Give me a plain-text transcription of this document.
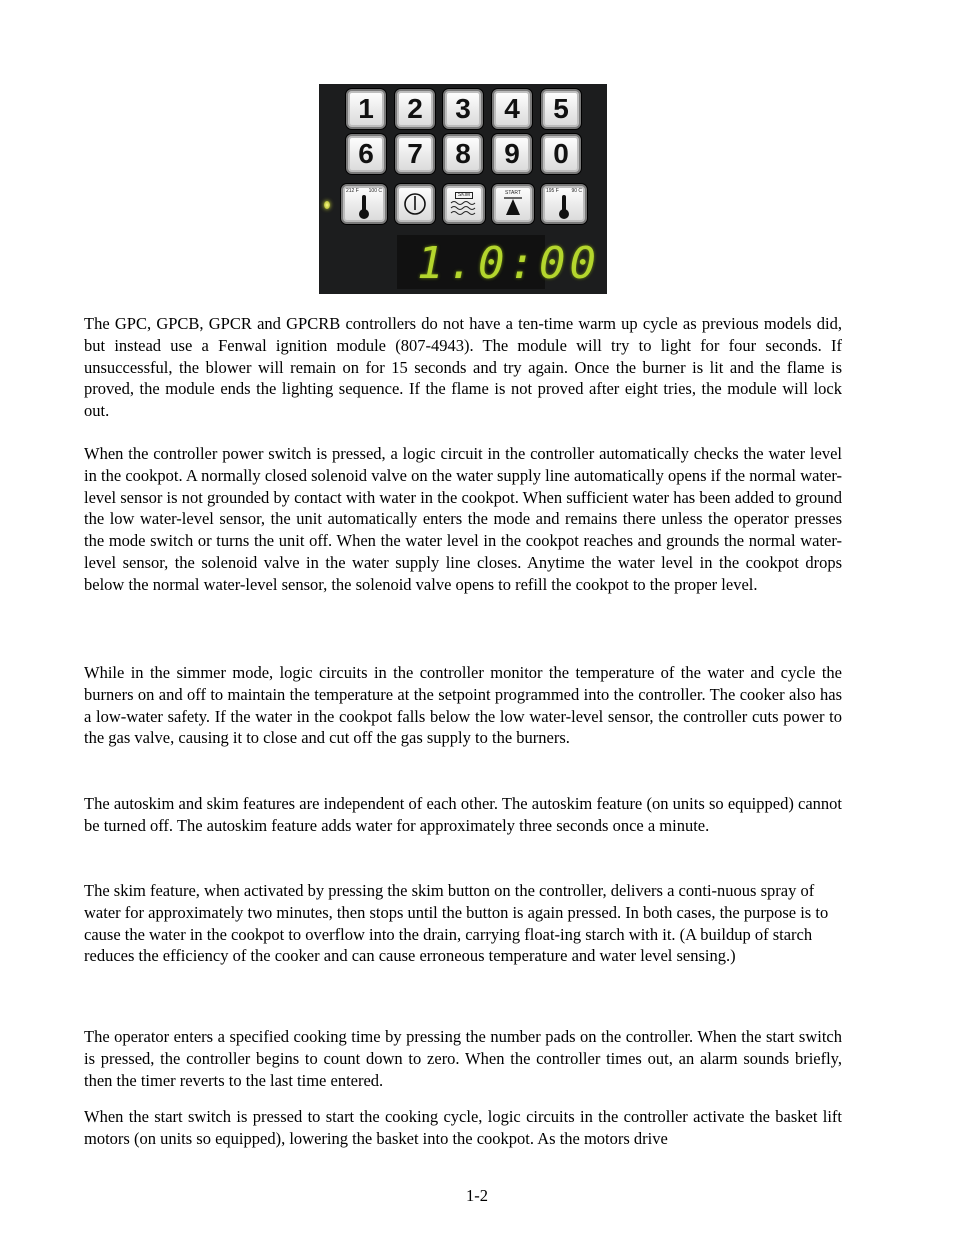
1 2 3 4 5
6 7 8 9 0
212 F 100 C
SKIM	START	195 F	90 C
1.0:00

The GPC, GPCB, GPCR and GPCRB controllers do not have a ten-time warm up cycle as previous models did, but instead use a Fenwal ignition module (807-4943). The module will try to light for four seconds. If unsuccessful, the blower will remain on for 15 seconds and try again. Once the burner is lit and the flame is proved, the module ends the lighting sequence. If the flame is not proved after eight tries, the module will lock out.

When the controller power switch is pressed, a logic circuit in the controller automatically checks the water level in the cookpot. A normally closed solenoid valve on the water supply line automatically opens if the normal water-level sensor is not grounded by contact with water in the cookpot. When sufficient water has been added to ground the low water-level sensor, the unit automatically enters the mode and remains there unless the operator presses the mode switch or turns the unit off. When the water level in the cookpot reaches and grounds the normal water-level sensor, the solenoid valve in the water supply line closes. Anytime the water level in the cookpot drops below the normal water-level sensor, the solenoid valve opens to refill the cookpot to the proper level.

While in the simmer mode, logic circuits in the controller monitor the temperature of the water and cycle the burners on and off to maintain the temperature at the setpoint programmed into the controller. The cooker also has a low-water safety. If the water in the cookpot falls below the low water-level sensor, the controller cuts power to the gas valve, causing it to close and cut off the gas supply to the burners.

The autoskim and skim features are independent of each other. The autoskim feature (on units so equipped) cannot be turned off. The autoskim feature adds water for approximately three seconds once a minute.

The skim feature, when activated by pressing the skim button on the controller, delivers a conti-nuous spray of water for approximately two minutes, then stops until the button is again pressed. In both cases, the purpose is to cause the water in the cookpot to overflow into the drain, carrying float-ing starch with it. (A buildup of starch reduces the efficiency of the cooker and can cause erroneous temperature and water level sensing.)

The operator enters a specified cooking time by pressing the number pads on the controller. When the start switch is pressed, the controller begins to count down to zero. When the controller times out, an alarm sounds briefly, then the timer reverts to the last time entered.

When the start switch is pressed to start the cooking cycle, logic circuits in the controller activate the basket lift motors (on units so equipped), lowering the basket into the cookpot. As the motors drive

1-2
